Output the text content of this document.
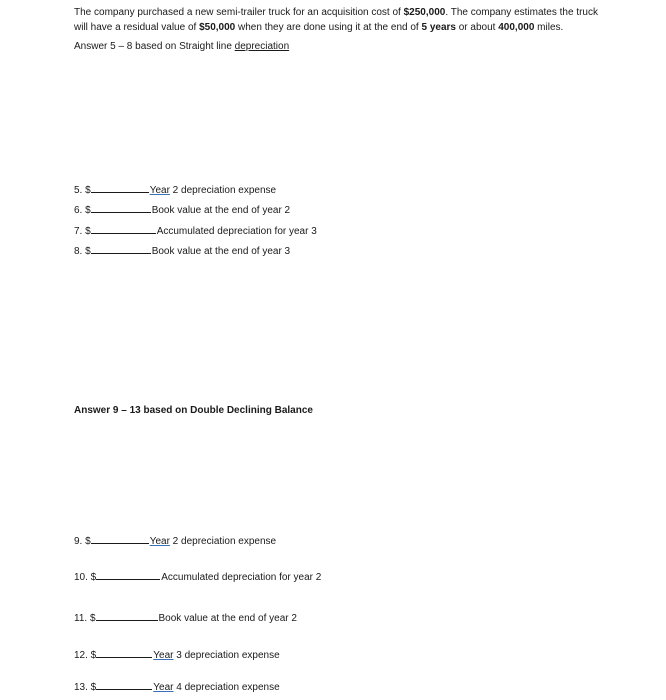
The company purchased a new semi-trailer truck for an acquisition cost of $250,000. The company estimates the truck will have a residual value of $50,000 when they are done using it at the end of 5 years or about 400,000 miles.
Answer 5 – 8 based on Straight line depreciation
5. $	Year 2 depreciation expense
6. $	Book value at the end of year 2
7. $	Accumulated depreciation for year 3
8. $	Book value at the end of year 3
Answer 9 – 13 based on Double Declining Balance
9. $	Year 2 depreciation expense
10. $	Accumulated depreciation for year 2
11. $	Book value at the end of year 2
12. $	Year 3 depreciation expense
13. $	Year 4 depreciation expense
